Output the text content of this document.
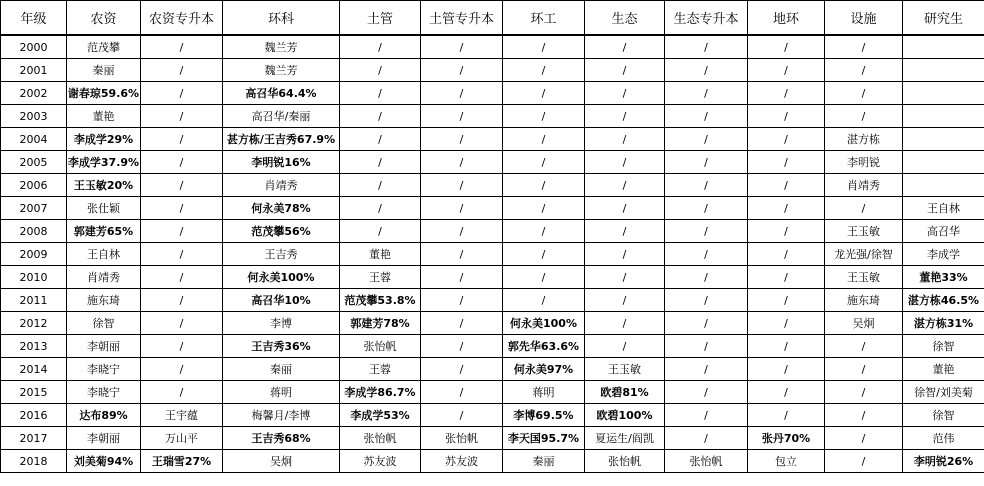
年级	农资	农资专升本	环科	土管	土管专升本	环工	生态	生态专升本	地环	设施	研究生
2000	范茂攀	/	魏兰芳	/	/	/	/	/	/	/	
2001	秦丽	/	魏兰芳	/	/	/	/	/	/	/	
2002	谢春琼59.6%	/	高召华64.4%	/	/	/	/	/	/	/	
2003	董艳	/	高召华/秦丽	/	/	/	/	/	/	/	
2004	李成学29%	/	甚方栋/王吉秀67.9%	/	/	/	/	/	/	湛方栋	
2005	李成学37.9%	/	李明锐16%	/	/	/	/	/	/	李明锐	
2006	王玉敏20%	/	肖靖秀	/	/	/	/	/	/	肖靖秀	
2007	张仕颖	/	何永美78%	/	/	/	/	/	/	/	王自林
2008	郭建芳65%	/	范茂攀56%	/	/	/	/	/	/	王玉敏	高召华
2009	王自林	/	王吉秀	董艳	/	/	/	/	/	龙光强/徐智	李成学
2010	肖靖秀	/	何永美100%	王蓉	/	/	/	/	/	王玉敏	董艳33%
2011	施东琦	/	高召华10%	范茂攀53.8%	/	/	/	/	/	施东琦	湛方栋46.5%
2012	徐智	/	李博	郭建芳78%	/	何永美100%	/	/	/	吴炯	湛方栋31%
2013	李朝丽	/	王吉秀36%	张怡帆	/	郭先华63.6%	/	/	/	/	徐智
2014	李晓宁	/	秦丽	王蓉	/	何永美97%	王玉敏	/	/	/	董艳
2015	李晓宁	/	蒋明	李成学86.7%	/	蒋明	欧碧81%	/	/	/	徐智/刘美菊
2016	达布89%	王宇蕴	梅馨月/李博	李成学53%	/	李博69.5%	欧碧100%	/	/	/	徐智
2017	李朝丽	万山平	王吉秀68%	张怡帆	张怡帆	李天国95.7%	夏运生/阎凯	/	张丹70%	/	范伟
2018	刘美菊94%	王瑞雪27%	吴炯	苏友波	苏友波	秦丽	张怡帆	张怡帆	包立	/	李明锐26%
